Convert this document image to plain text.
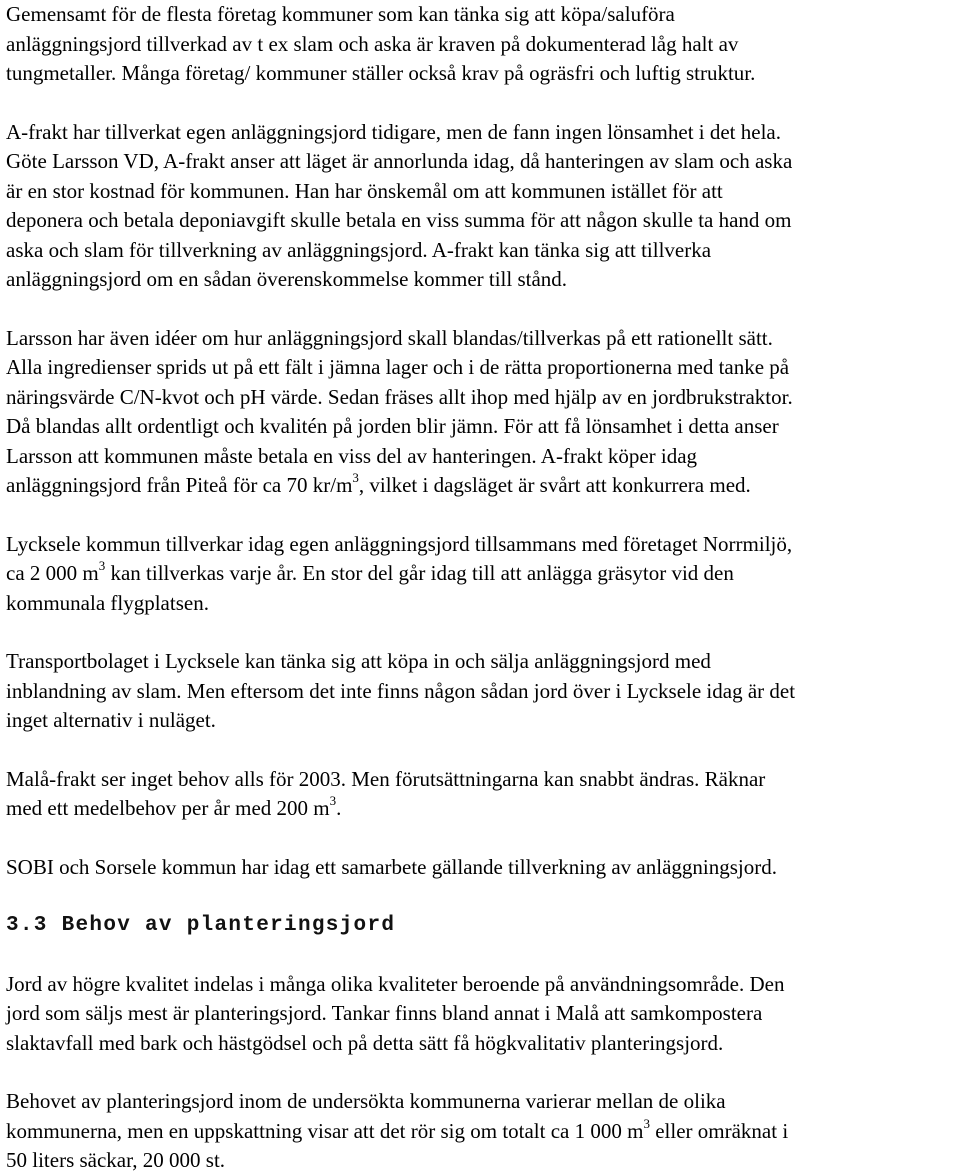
Gemensamt för de flesta företag kommuner som kan tänka sig att köpa/saluföra
anläggningsjord tillverkad av t ex slam och aska är kraven på dokumenterad låg halt av
tungmetaller. Många företag/ kommuner ställer också krav på ogräsfri och luftig struktur.

A-frakt har tillverkat egen anläggningsjord tidigare, men de fann ingen lönsamhet i det hela.
Göte Larsson VD, A-frakt anser att läget är annorlunda idag, då hanteringen av slam och aska
är en stor kostnad för kommunen. Han har önskemål om att kommunen istället för att
deponera och betala deponiavgift skulle betala en viss summa för att någon skulle ta hand om
aska och slam för tillverkning av anläggningsjord. A-frakt kan tänka sig att tillverka
anläggningsjord om en sådan överenskommelse kommer till stånd.

Larsson har även idéer om hur anläggningsjord skall blandas/tillverkas på ett rationellt sätt.
Alla ingredienser sprids ut på ett fält i jämna lager och i de rätta proportionerna med tanke på
näringsvärde C/N-kvot och pH värde. Sedan fräses allt ihop med hjälp av en jordbrukstraktor.
Då blandas allt ordentligt och kvalitén på jorden blir jämn. För att få lönsamhet i detta anser
Larsson att kommunen måste betala en viss del av hanteringen. A-frakt köper idag
anläggningsjord från Piteå för ca 70 $kr/m^3$, vilket i dagsläget är svårt att konkurrera med.

Lycksele kommun tillverkar idag egen anläggningsjord tillsammans med företaget Norrmiljö,
ca 2 000 $m^3$ kan tillverkas varje år. En stor del går idag till att anlägga gräsytor vid den
kommunala flygplatsen.

Transportbolaget i Lycksele kan tänka sig att köpa in och sälja anläggningsjord med
inblandning av slam. Men eftersom det inte finns någon sådan jord över i Lycksele idag är det
inget alternativ i nuläget.

Malå-frakt ser inget behov alls för 2003. Men förutsättningarna kan snabbt ändras. Räknar
med ett medelbehov per år med 200 $m^3$.

SOBI och Sorsele kommun har idag ett samarbete gällande tillverkning av anläggningsjord.

3.3 Behov av planteringsjord

Jord av högre kvalitet indelas i många olika kvaliteter beroende på användningsområde. Den
jord som säljs mest är planteringsjord. Tankar finns bland annat i Malå att samkompostera
slaktavfall med bark och hästgödsel och på detta sätt få högkvalitativ planteringsjord.

Behovet av planteringsjord inom de undersökta kommunerna varierar mellan de olika
kommunerna, men en uppskattning visar att det rör sig om totalt ca 1 000 $m^3$ eller omräknat i
50 liters säckar, 20 000 st.
